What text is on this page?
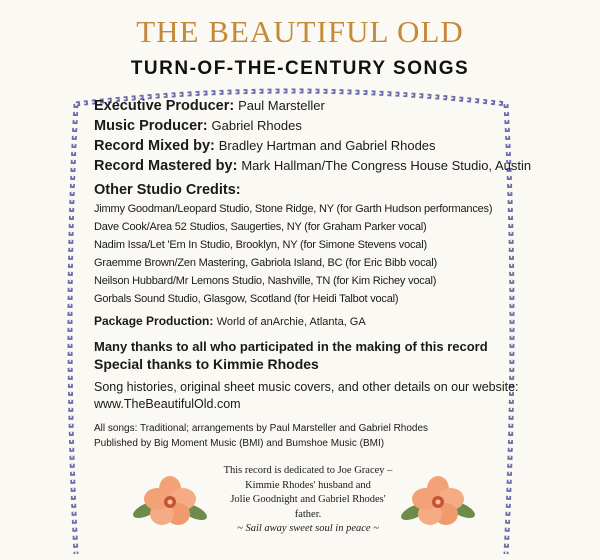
THE BEAUTIFUL OLD
TURN-OF-THE-CENTURY SONGS
Executive Producer: Paul Marsteller
Music Producer: Gabriel Rhodes
Record Mixed by: Bradley Hartman and Gabriel Rhodes
Record Mastered by: Mark Hallman/The Congress House Studio, Austin
Other Studio Credits:
Jimmy Goodman/Leopard Studio, Stone Ridge, NY (for Garth Hudson performances)
Dave Cook/Area 52 Studios, Saugerties, NY (for Graham Parker vocal)
Nadim Issa/Let 'Em In Studio, Brooklyn, NY (for Simone Stevens vocal)
Graemme Brown/Zen Mastering, Gabriola Island, BC (for Eric Bibb vocal)
Neilson Hubbard/Mr Lemons Studio, Nashville, TN (for Kim Richey vocal)
Gorbals Sound Studio, Glasgow, Scotland (for Heidi Talbot vocal)
Package Production: World of anArchie, Atlanta, GA
Many thanks to all who participated in the making of this record
Special thanks to Kimmie Rhodes
Song histories, original sheet music covers, and other details on our website:
www.TheBeautifulOld.com
All songs: Traditional; arrangements by Paul Marsteller and Gabriel Rhodes
Published by Big Moment Music (BMI) and Bumshoe Music (BMI)
This record is dedicated to Joe Gracey –
Kimmie Rhodes' husband and
Jolie Goodnight and Gabriel Rhodes' father.
~ Sail away sweet soul in peace ~
